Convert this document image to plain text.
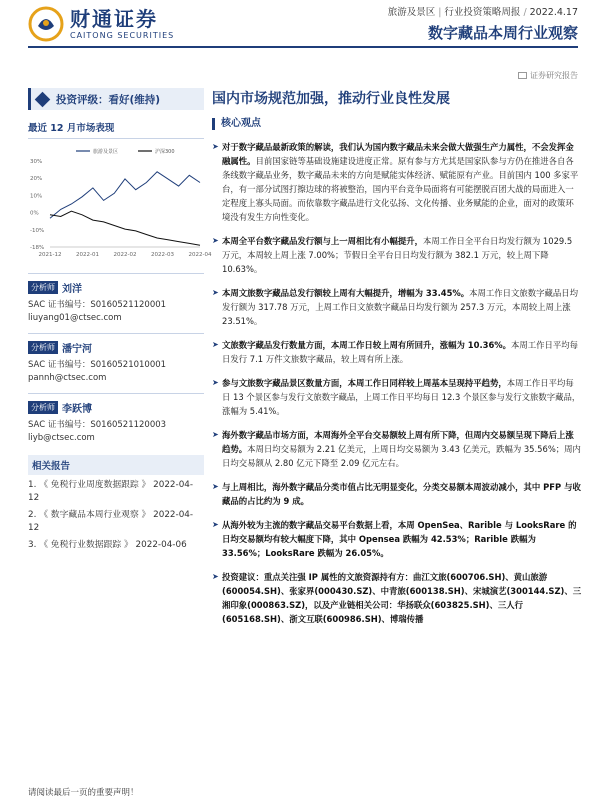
财通证券
CAITONG SECURITIES
旅游及景区 | 行业投资策略周报 / 2022.4.17
数字藏品本周行业观察
证券研究报告
投资评级：看好(维持)
最近 12 月市场表现
旅游及景区	沪深300
30%
20%
10%
0%
-10%
-18%
2021-12	2022-01	2022-02	2022-03	2022-04
分析师 刘洋
SAC 证书编号：S0160521120001
liuyang01@ctsec.com
分析师 潘宁河
SAC 证书编号：S0160521010001
pannh@ctsec.com
分析师 李跃博
SAC 证书编号：S0160521120003
liyb@ctsec.com
相关报告
1. 《 免税行业周度数据跟踪 》 2022-04-12
2. 《 数字藏品本周行业观察 》 2022-04-12
3. 《 免税行业数据跟踪 》 2022-04-06
国内市场规范加强，推动行业良性发展
核心观点
➤ 对于数字藏品最新政策的解读，我们认为国内数字藏品未来会做大做强生产力属性，不会发挥金融属性。目前国家链等基础设施建设进度正常。原有参与方尤其是国家队参与方仍在推进各自各条线数字藏品业务，数字藏品未来的方向是赋能实体经济、赋能原有产业。目前国内 100 多家平台，有一部分试图打擦边球的将被整治，国内平台竞争局面将有可能摆脱百团大战的局面进入一定程度上寡头局面。而依靠数字藏品进行文化弘扬、文化传播、业务赋能的企业，面对的政策环境没有发生方向性变化。
➤ 本周全平台数字藏品发行额与上一周相比有小幅提升，本周工作日全平台日均发行额为 1029.5 万元，本周较上周上涨 7.00%；节假日全平台日日均发行额为 382.1 万元，较上周下降 10.63%。
➤ 本周文旅数字藏品总发行额较上周有大幅提升，增幅为 33.45%。本周工作日文旅数字藏品日均发行额为 317.78 万元，上周工作日文旅数字藏品日均发行额为 257.3 万元，本周较上周上涨 23.51%。
➤ 文旅数字藏品发行数量方面，本周工作日较上周有所回升，涨幅为 10.36%。本周工作日平均每日发行 7.1 万件文旅数字藏品，较上周有所上涨。
➤ 参与文旅数字藏品景区数量方面，本周工作日同样较上周基本呈现持平趋势，本周工作日平均每日 13 个景区参与发行文旅数字藏品，上周工作日平均每日 12.3 个景区参与发行文旅数字藏品，涨幅为 5.41%。
➤ 海外数字藏品市场方面，本周海外全平台交易额较上周有所下降，但周内交易额呈现下降后上涨趋势。本周日均交易额为 2.21 亿美元，上周日均交易额为 3.43 亿美元，跌幅为 35.56%；周内日均交易额从 2.80 亿元下降至 2.09 亿元左右。
➤ 与上周相比，海外数字藏品分类市值占比无明显变化，分类交易额本周波动减小，其中 PFP 与收藏品的占比约为 9 成。
➤ 从海外较为主流的数字藏品交易平台数据上看，本周 OpenSea、Rarible 与 LooksRare 的日均交易额均有较大幅度下降，其中 Opensea 跌幅为 42.53%；Rarible 跌幅为 33.56%；LooksRare 跌幅为 26.05%。
➤ 投资建议：重点关注强 IP 属性的文旅资源持有方：曲江文旅(600706.SH)、黄山旅游(600054.SH)、张家界(000430.SZ)、中青旅(600138.SH)、宋城演艺(300144.SZ)、三湘印象(000863.SZ)，以及产业链相关公司：华扬联众(603825.SH)、三人行(605168.SH)、浙文互联(600986.SH)、博瑞传播
请阅读最后一页的重要声明！
